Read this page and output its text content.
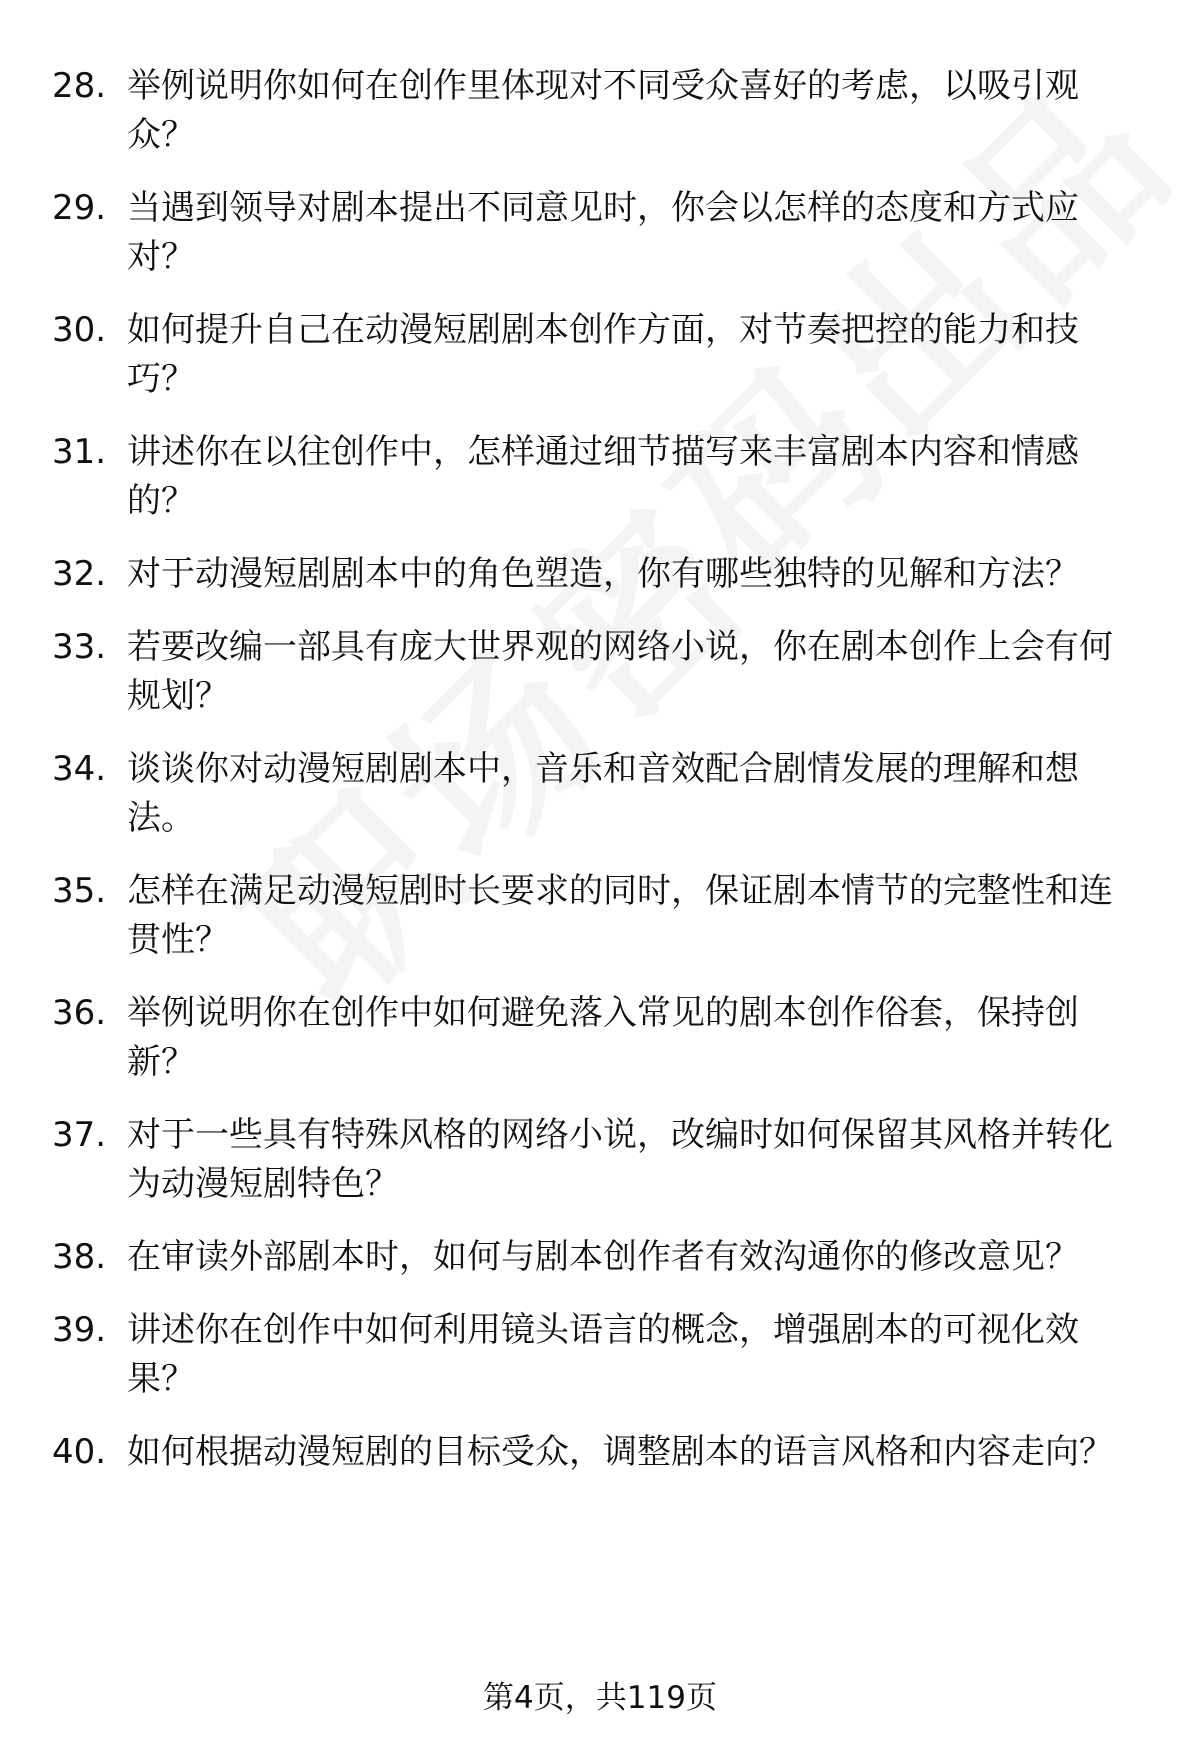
28. 举例说明你如何在创作里体现对不同受众喜好的考虑，以吸引观众？
29. 当遇到领导对剧本提出不同意见时，你会以怎样的态度和方式应对？
30. 如何提升自己在动漫短剧剧本创作方面，对节奏把控的能力和技巧？
31. 讲述你在以往创作中，怎样通过细节描写来丰富剧本内容和情感的？
32. 对于动漫短剧剧本中的角色塑造，你有哪些独特的见解和方法？
33. 若要改编一部具有庞大世界观的网络小说，你在剧本创作上会有何规划？
34. 谈谈你对动漫短剧剧本中，音乐和音效配合剧情发展的理解和想法。
35. 怎样在满足动漫短剧时长要求的同时，保证剧本情节的完整性和连贯性？
36. 举例说明你在创作中如何避免落入常见的剧本创作俗套，保持创新？
37. 对于一些具有特殊风格的网络小说，改编时如何保留其风格并转化为动漫短剧特色？
38. 在审读外部剧本时，如何与剧本创作者有效沟通你的修改意见？
39. 讲述你在创作中如何利用镜头语言的概念，增强剧本的可视化效果？
40. 如何根据动漫短剧的目标受众，调整剧本的语言风格和内容走向？
第4页，共119页
